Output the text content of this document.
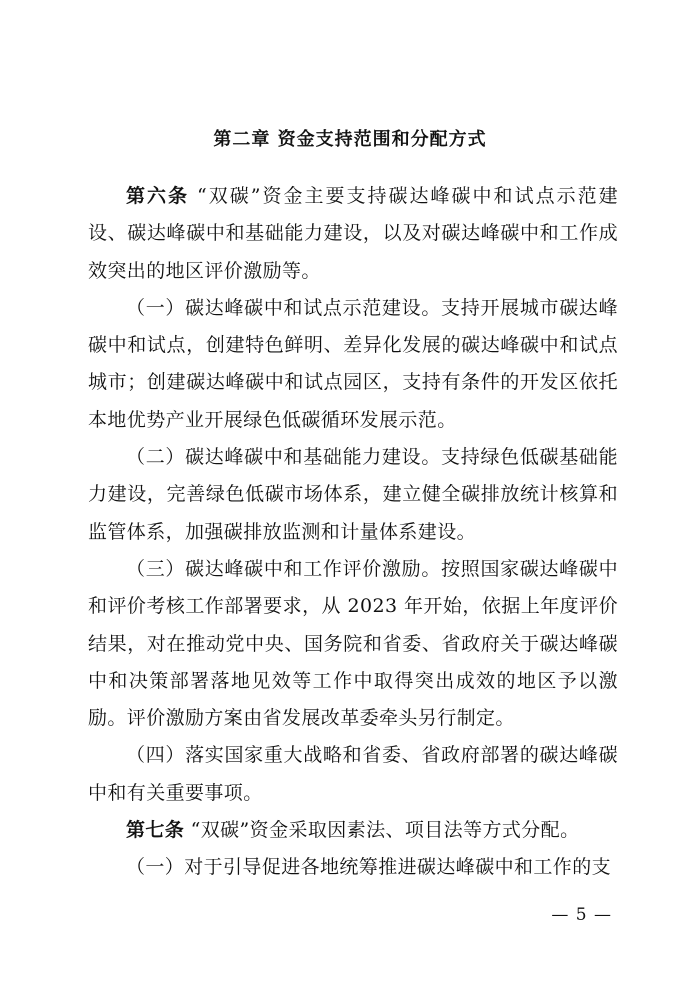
第二章 资金支持范围和分配方式

第六条 “双碳”资金主要支持碳达峰碳中和试点示范建设、碳达峰碳中和基础能力建设，以及对碳达峰碳中和工作成效突出的地区评价激励等。

（一）碳达峰碳中和试点示范建设。支持开展城市碳达峰碳中和试点，创建特色鲜明、差异化发展的碳达峰碳中和试点城市；创建碳达峰碳中和试点园区，支持有条件的开发区依托本地优势产业开展绿色低碳循环发展示范。

（二）碳达峰碳中和基础能力建设。支持绿色低碳基础能力建设，完善绿色低碳市场体系，建立健全碳排放统计核算和监管体系，加强碳排放监测和计量体系建设。

（三）碳达峰碳中和工作评价激励。按照国家碳达峰碳中和评价考核工作部署要求，从 2023 年开始，依据上年度评价结果，对在推动党中央、国务院和省委、省政府关于碳达峰碳中和决策部署落地见效等工作中取得突出成效的地区予以激励。评价激励方案由省发展改革委牵头另行制定。

（四）落实国家重大战略和省委、省政府部署的碳达峰碳中和有关重要事项。

第七条 “双碳”资金采取因素法、项目法等方式分配。

（一）对于引导促进各地统筹推进碳达峰碳中和工作的支

— 5 —
